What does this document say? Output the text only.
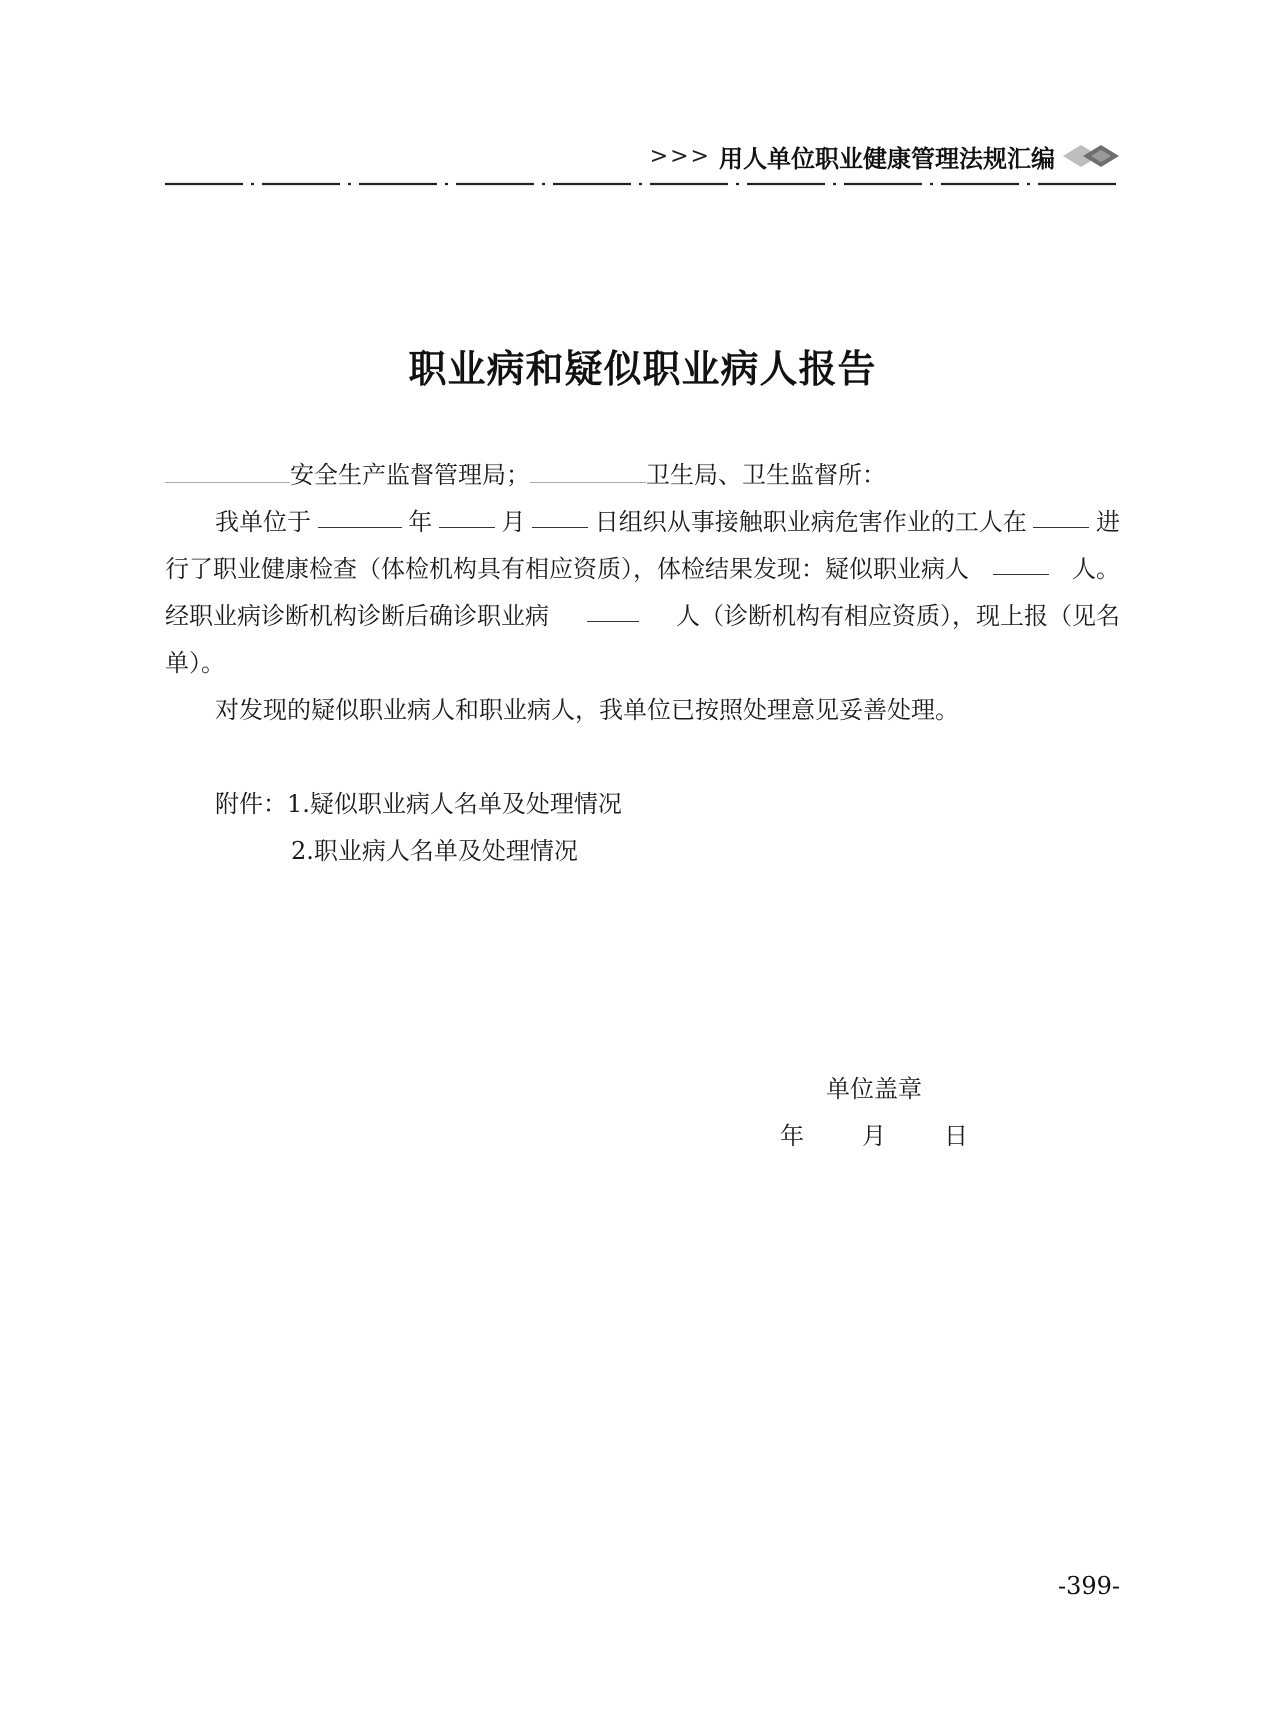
>>> 用人单位职业健康管理法规汇编
职业病和疑似职业病人报告
安全生产监督管理局；	卫生局、卫生监督所：
我单位于	年	月	日组织从事接触职业病危害作业的工人在	进
行了职业健康检查（体检机构具有相应资质），体检结果发现：疑似职业病人	人。
经职业病诊断机构诊断后确诊职业病	人（诊断机构有相应资质），现上报（见名
单）。
对发现的疑似职业病人和职业病人，我单位已按照处理意见妥善处理。
附件：1.疑似职业病人名单及处理情况
2.职业病人名单及处理情况
单位盖章
年 月 日
-399-
